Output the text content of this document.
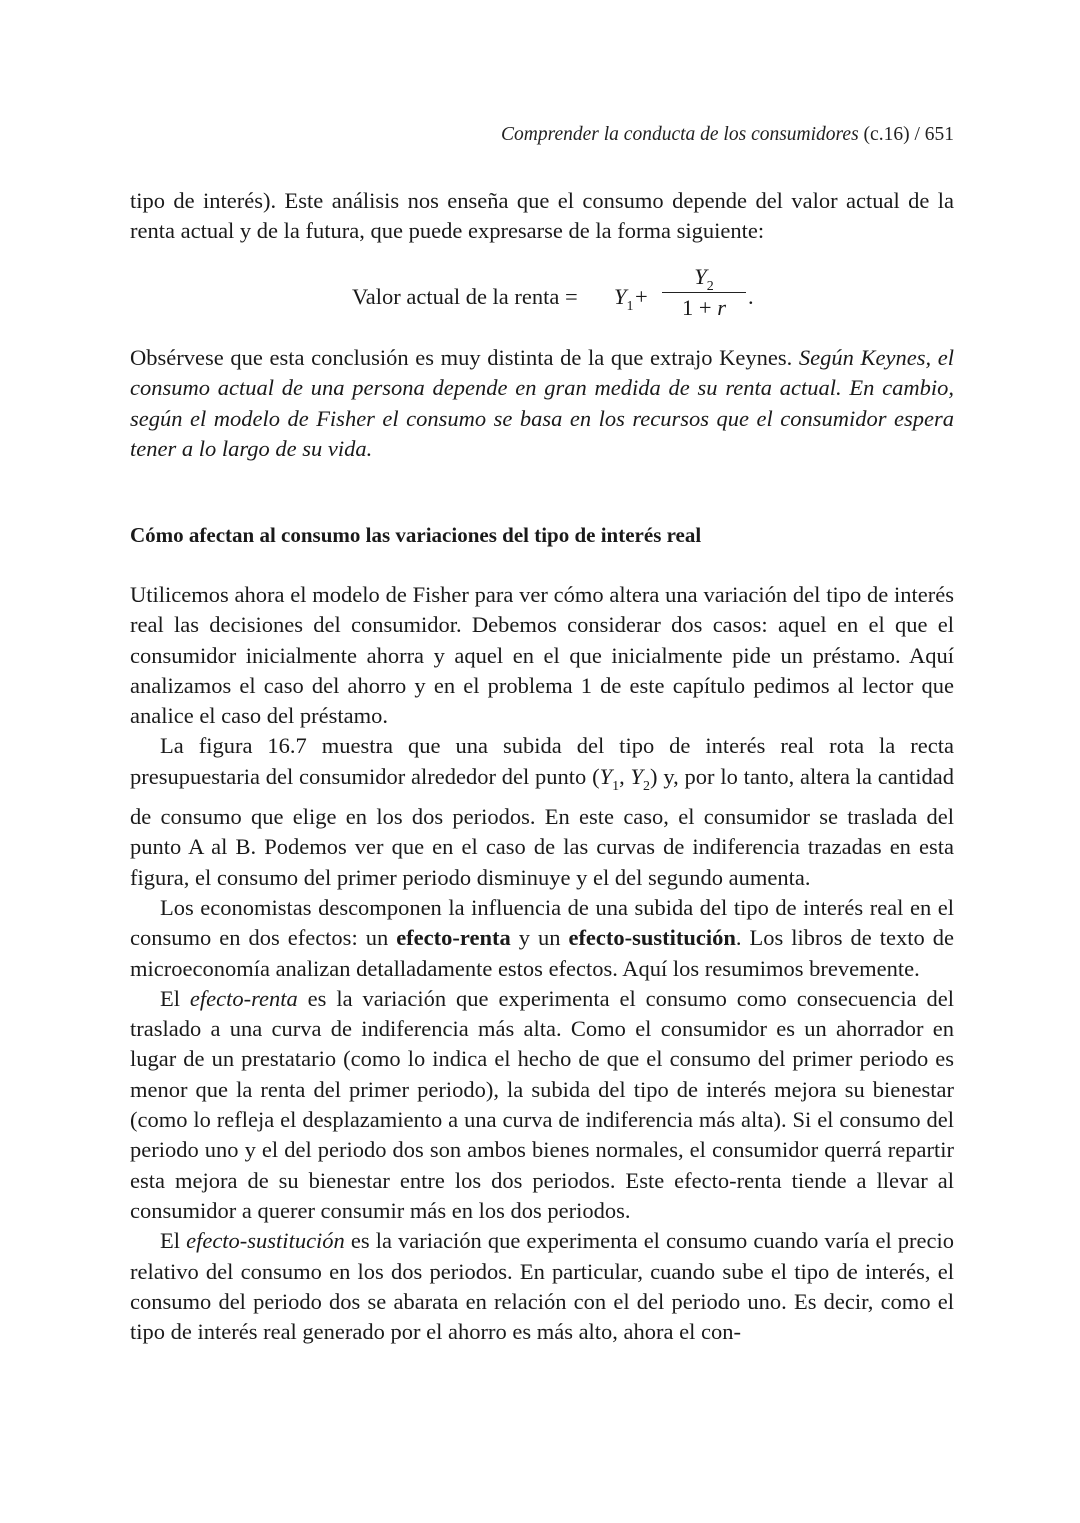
Comprender la conducta de los consumidores (c.16) / 651

tipo de interés). Este análisis nos enseña que el consumo depende del valor actual de la renta actual y de la futura, que puede expresarse de la forma siguiente:

Valor actual de la renta = $Y_1$ +
$Y_2$
1 + r .

Obsérvese que esta conclusión es muy distinta de la que extrajo Keynes. Según Keynes, el consumo actual de una persona depende en gran medida de su renta actual. En cambio, según el modelo de Fisher el consumo se basa en los recursos que el consumidor espera tener a lo largo de su vida.

Cómo afectan al consumo las variaciones del tipo de interés real

Utilicemos ahora el modelo de Fisher para ver cómo altera una variación del tipo de interés real las decisiones del consumidor. Debemos considerar dos casos: aquel en el que el consumidor inicialmente ahorra y aquel en el que inicialmente pide un préstamo. Aquí analizamos el caso del ahorro y en el problema 1 de este capítulo pedimos al lector que analice el caso del préstamo.

La figura 16.7 muestra que una subida del tipo de interés real rota la recta presupuestaria del consumidor alrededor del punto ($Y_1$, $Y_2$) y, por lo tanto, altera la cantidad de consumo que elige en los dos periodos. En este caso, el consumidor se traslada del punto A al B. Podemos ver que en el caso de las curvas de indiferencia trazadas en esta figura, el consumo del primer periodo disminuye y el del segundo aumenta.

Los economistas descomponen la influencia de una subida del tipo de interés real en el consumo en dos efectos: un efecto-renta y un efecto-sustitución. Los libros de texto de microeconomía analizan detalladamente estos efectos. Aquí los resumimos brevemente.

El efecto-renta es la variación que experimenta el consumo como consecuencia del traslado a una curva de indiferencia más alta. Como el consumidor es un ahorrador en lugar de un prestatario (como lo indica el hecho de que el consumo del primer periodo es menor que la renta del primer periodo), la subida del tipo de interés mejora su bienestar (como lo refleja el desplazamiento a una curva de indiferencia más alta). Si el consumo del periodo uno y el del periodo dos son ambos bienes normales, el consumidor querrá repartir esta mejora de su bienestar entre los dos periodos. Este efecto-renta tiende a llevar al consumidor a querer consumir más en los dos periodos.

El efecto-sustitución es la variación que experimenta el consumo cuando varía el precio relativo del consumo en los dos periodos. En particular, cuando sube el tipo de interés, el consumo del periodo dos se abarata en relación con el del periodo uno. Es decir, como el tipo de interés real generado por el ahorro es más alto, ahora el con-
